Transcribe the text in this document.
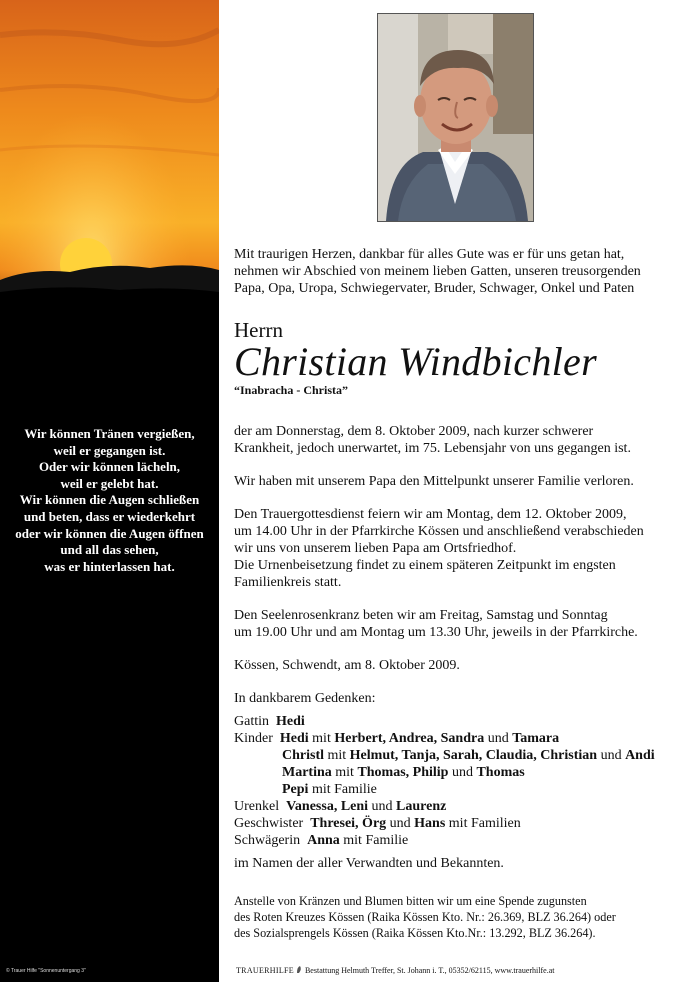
Wir können Tränen vergießen,
weil er gegangen ist.
Oder wir können lächeln,
weil er gelebt hat.
Wir können die Augen schließen
und beten, dass er wiederkehrt
oder wir können die Augen öffnen
und all das sehen,
was er hinterlassen hat.
© Trauer Hilfe "Sonnenuntergang 3"
Mit traurigen Herzen, dankbar für alles Gute was er für uns getan hat,
nehmen wir Abschied von meinem lieben Gatten, unseren treusorgenden
Papa, Opa, Uropa, Schwiegervater, Bruder, Schwager, Onkel und Paten
Herrn
Christian Windbichler
“Inabracha - Christa”
der am Donnerstag, dem 8. Oktober 2009, nach kurzer schwerer
Krankheit, jedoch unerwartet, im 75. Lebensjahr von uns gegangen ist.
Wir haben mit unserem Papa den Mittelpunkt unserer Familie verloren.
Den Trauergottesdienst feiern wir am Montag, dem 12. Oktober 2009,
um 14.00 Uhr in der Pfarrkirche Kössen und anschließend verabschieden
wir uns von unserem lieben Papa am Ortsfriedhof.
Die Urnenbeisetzung findet zu einem späteren Zeitpunkt im engsten
Familienkreis statt.
Den Seelenrosenkranz beten wir am Freitag, Samstag und Sonntag
um 19.00 Uhr und am Montag um 13.30 Uhr, jeweils in der Pfarrkirche.
Kössen, Schwendt, am 8. Oktober 2009.
In dankbarem Gedenken:
Gattin Hedi
Kinder Hedi mit Herbert, Andrea, Sandra und Tamara
Christl mit Helmut, Tanja, Sarah, Claudia, Christian und Andi
Martina mit Thomas, Philip und Thomas
Pepi mit Familie
Urenkel Vanessa, Leni und Laurenz
Geschwister Thresei, Örg und Hans mit Familien
Schwägerin Anna mit Familie
im Namen der aller Verwandten und Bekannten.
Anstelle von Kränzen und Blumen bitten wir um eine Spende zugunsten
des Roten Kreuzes Kössen (Raika Kössen Kto. Nr.: 26.369, BLZ 36.264) oder
des Sozialsprengels Kössen (Raika Kössen Kto.Nr.: 13.292, BLZ 36.264).
TRAUERHILFE Bestattung Helmuth Treffer, St. Johann i. T., 05352/62115, www.trauerhilfe.at
